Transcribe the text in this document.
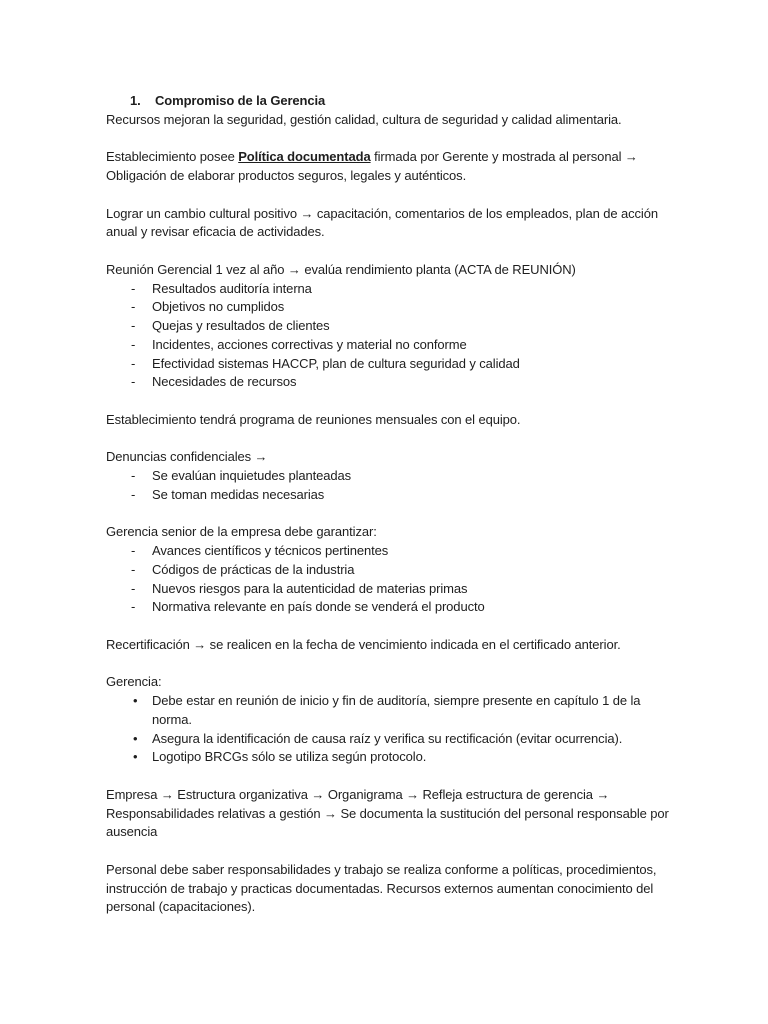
1. Compromiso de la Gerencia
Recursos mejoran la seguridad, gestión calidad, cultura de seguridad y calidad alimentaria.
Establecimiento posee Política documentada firmada por Gerente y mostrada al personal →
Obligación de elaborar productos seguros, legales y auténticos.
Lograr un cambio cultural positivo → capacitación, comentarios de los empleados, plan de acción
anual y revisar eficacia de actividades.
Reunión Gerencial 1 vez al año → evalúa rendimiento planta (ACTA de REUNIÓN)
-	Resultados auditoría interna
-	Objetivos no cumplidos
-	Quejas y resultados de clientes
-	Incidentes, acciones correctivas y material no conforme
-	Efectividad sistemas HACCP, plan de cultura seguridad y calidad
-	Necesidades de recursos
Establecimiento tendrá programa de reuniones mensuales con el equipo.
Denuncias confidenciales →
-	Se evalúan inquietudes planteadas
-	Se toman medidas necesarias
Gerencia senior de la empresa debe garantizar:
-	Avances científicos y técnicos pertinentes
-	Códigos de prácticas de la industria
-	Nuevos riesgos para la autenticidad de materias primas
-	Normativa relevante en país donde se venderá el producto
Recertificación → se realicen en la fecha de vencimiento indicada en el certificado anterior.
Gerencia:
• Debe estar en reunión de inicio y fin de auditoría, siempre presente en capítulo 1 de la
norma.
• Asegura la identificación de causa raíz y verifica su rectificación (evitar ocurrencia).
• Logotipo BRCGs sólo se utiliza según protocolo.
Empresa → Estructura organizativa → Organigrama → Refleja estructura de gerencia →
Responsabilidades relativas a gestión → Se documenta la sustitución del personal responsable por
ausencia
Personal debe saber responsabilidades y trabajo se realiza conforme a políticas, procedimientos,
instrucción de trabajo y practicas documentadas. Recursos externos aumentan conocimiento del
personal (capacitaciones).
